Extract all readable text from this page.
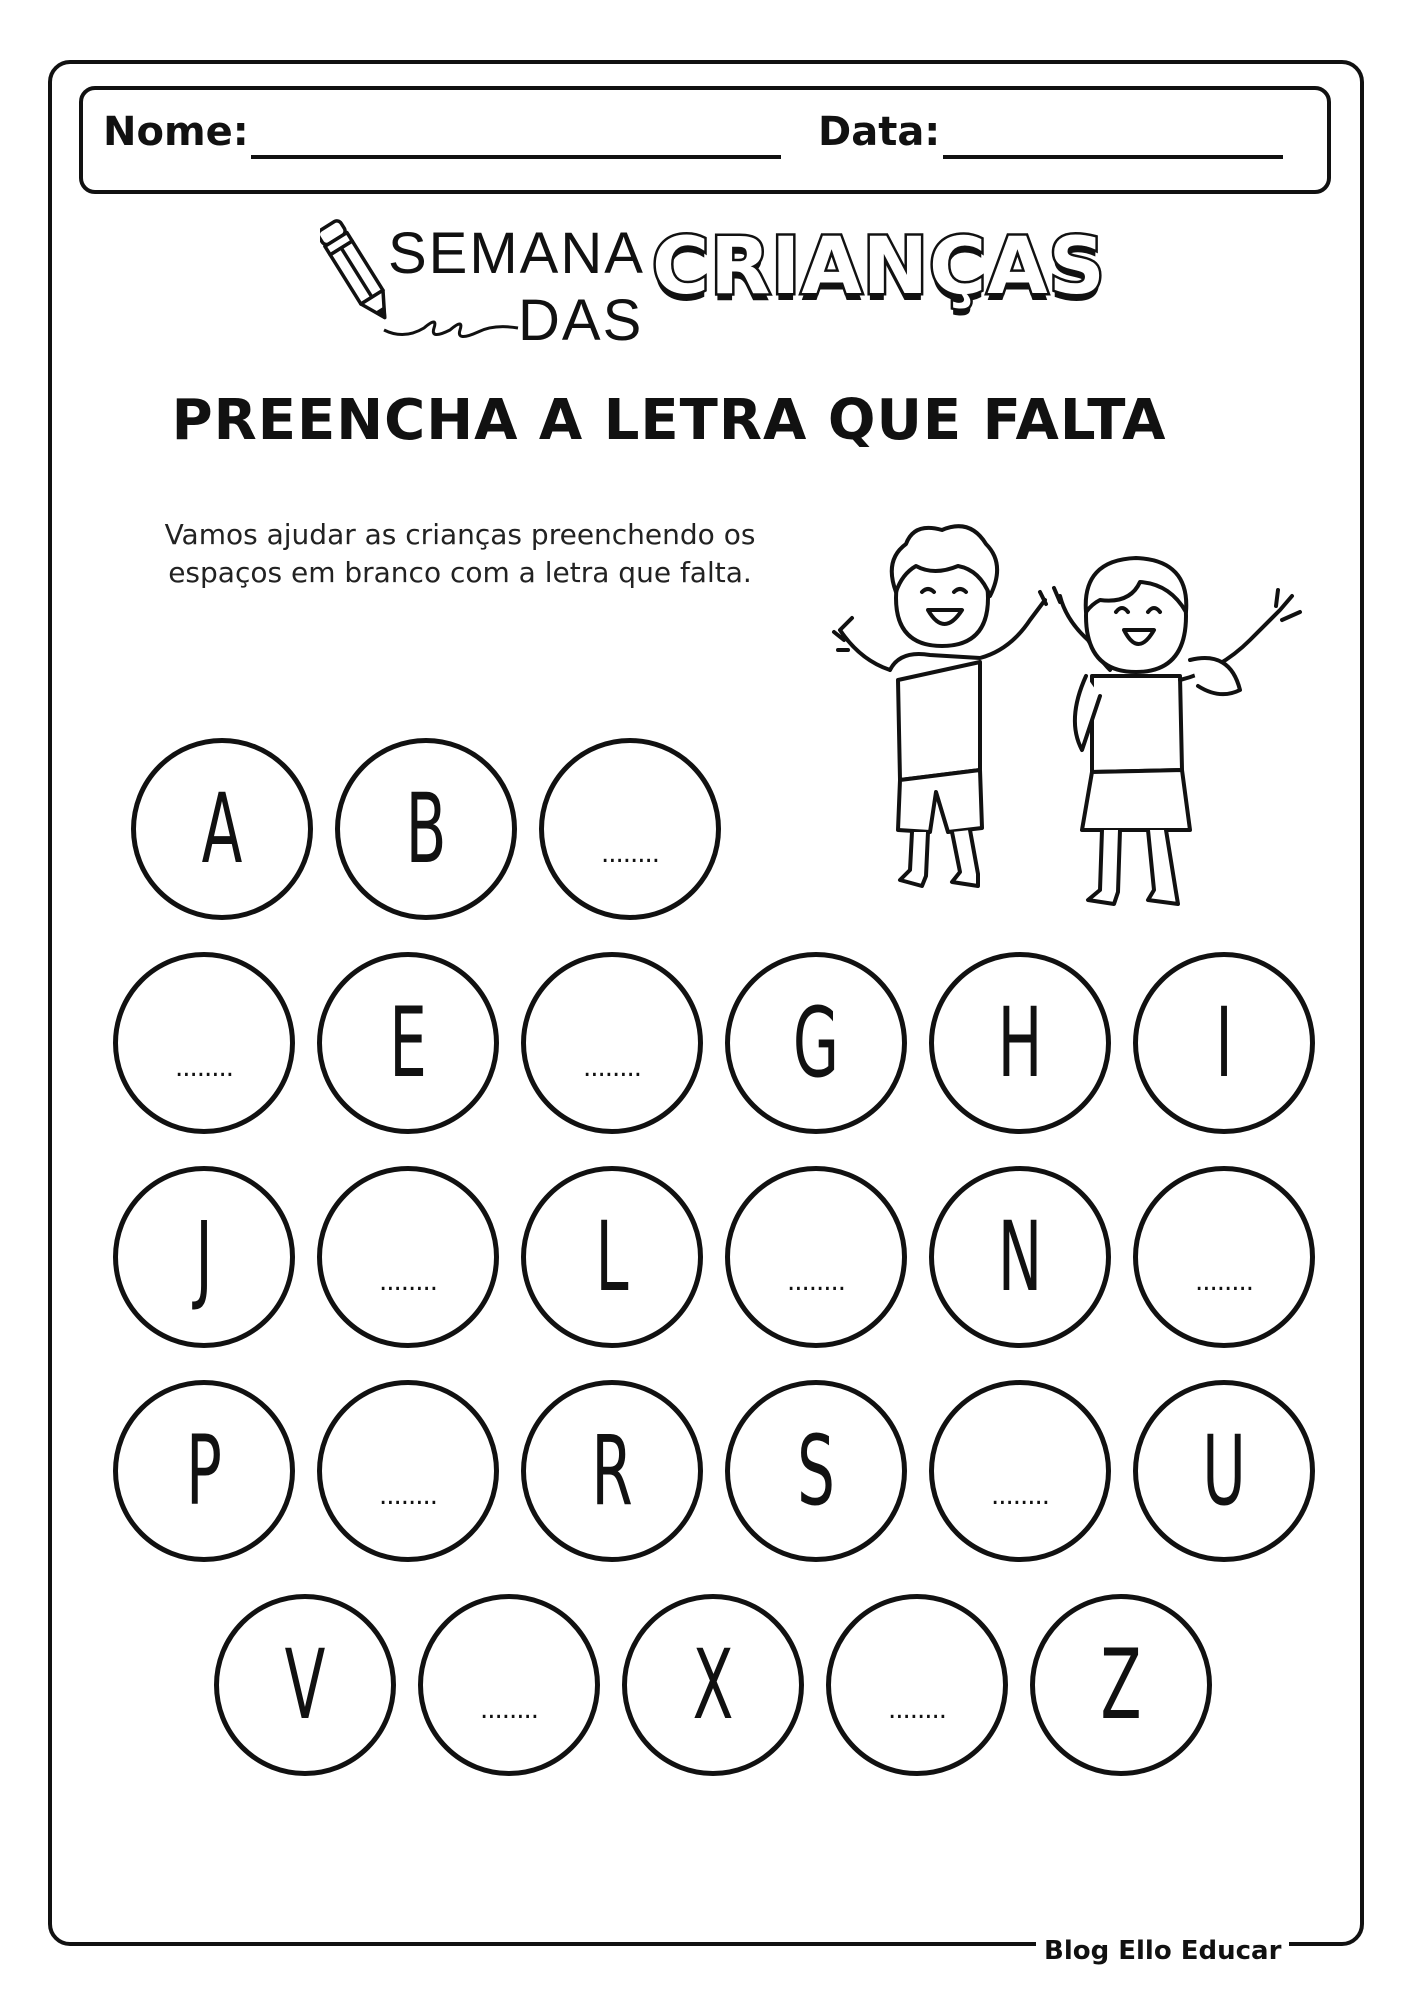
Nome:	Data:
SEMANA
DAS
CRIANÇAS
PREENCHA A LETRA QUE FALTA
Vamos ajudar as crianças preenchendo os
espaços em branco com a letra que falta.
A	B	........
........	E	........	G	H	I
J	........	L	........	N	........
P	........	R	S	........	U
V	........	X	........	Z
Blog Ello Educar
